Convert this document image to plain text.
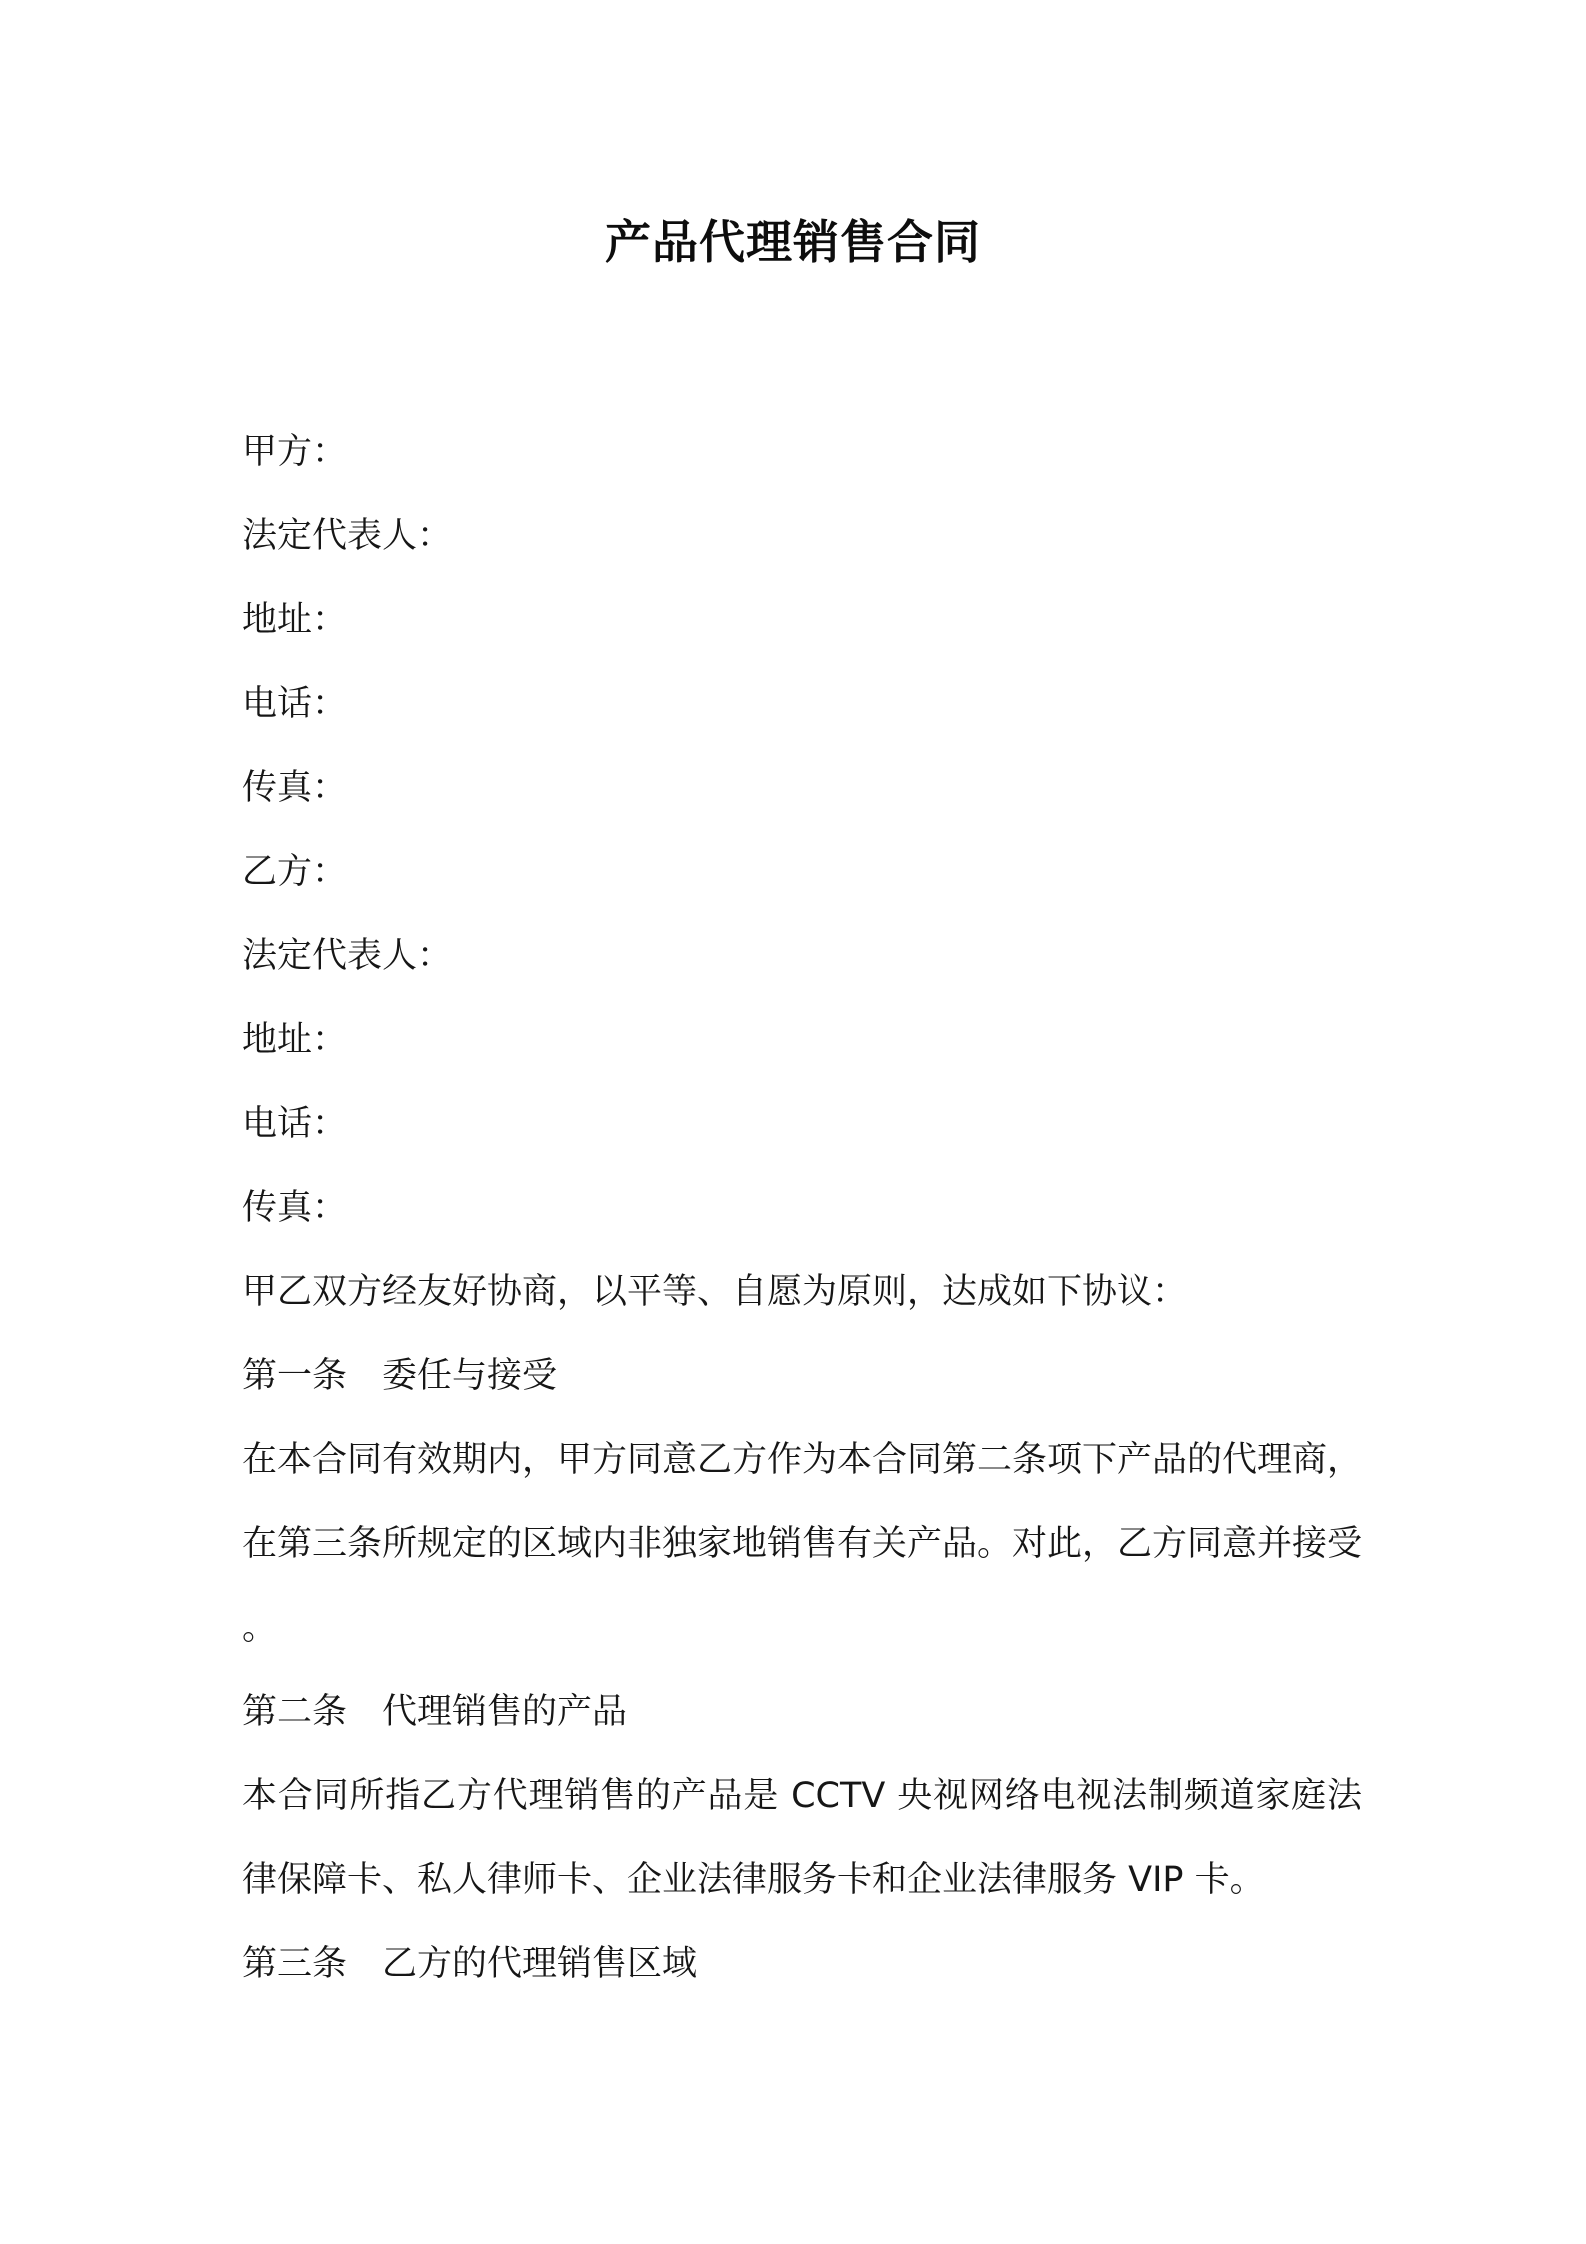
产品代理销售合同
甲方：
法定代表人：
地址：
电话：
传真：
乙方：
法定代表人：
地址：
电话：
传真：
甲乙双方经友好协商，以平等、自愿为原则，达成如下协议：
第一条　委任与接受
在本合同有效期内，甲方同意乙方作为本合同第二条项下产品的代理商，在第三条所规定的区域内非独家地销售有关产品。对此，乙方同意并接受。
第二条　代理销售的产品
本合同所指乙方代理销售的产品是 CCTV 央视网络电视法制频道家庭法律保障卡、私人律师卡、企业法律服务卡和企业法律服务 VIP 卡。
第三条　乙方的代理销售区域
